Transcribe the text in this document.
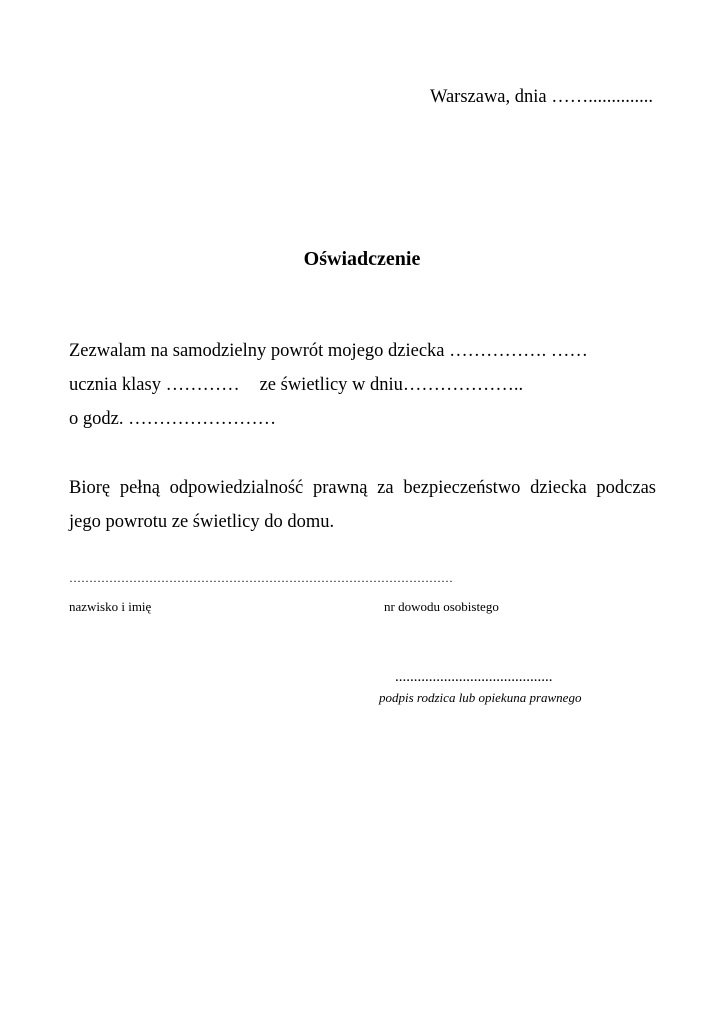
Warszawa, dnia ……..............
Oświadczenie
Zezwalam na samodzielny powrót mojego dziecka ……………. ……
ucznia klasy ………… ze świetlicy w dniu………………..
o godz. ……………………
Biorę pełną odpowiedzialność prawną za bezpieczeństwo dziecka podczas jego powrotu ze świetlicy do domu.
……………………………………………………………………………………
nazwisko i imię	nr dowodu osobistego
..........................................
podpis rodzica lub opiekuna prawnego
